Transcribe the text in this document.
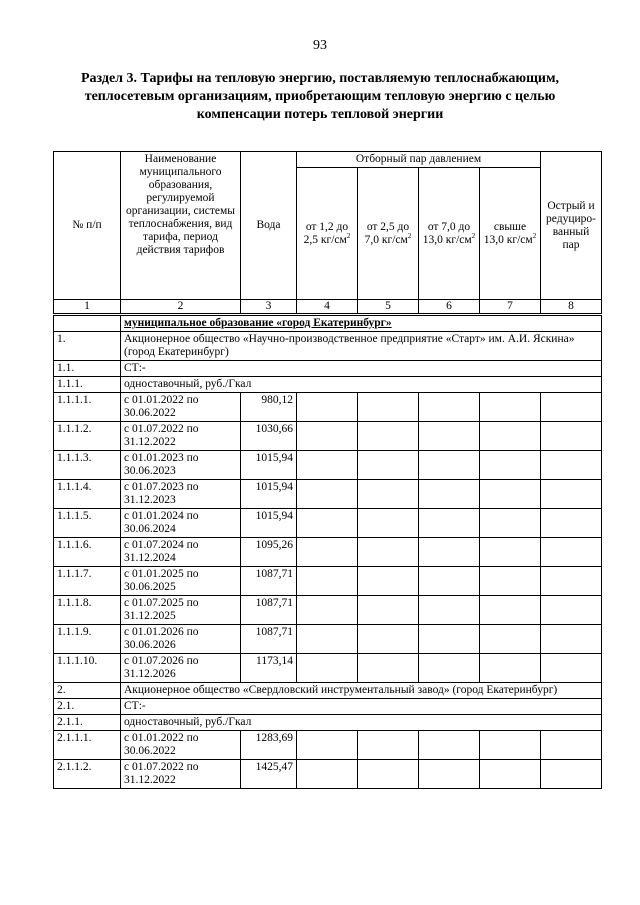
93
Раздел 3. Тарифы на тепловую энергию, поставляемую теплоснабжающим, теплосетевым организациям, приобретающим тепловую энергию с целью компенсации потерь тепловой энергии
№ п/п	Наименование муниципального образования, регулируемой организации, системы теплоснабжения, вид тарифа, период действия тарифов	Вода	Отборный пар давлением				Острый и редуциро-ванный пар
			от 1,2 до 2,5 $кг/см^2$	от 2,5 до 7,0 $кг/см^2$	от 7,0 до 13,0 $кг/см^2$	свыше 13,0 $кг/см^2$
1	2	3	4	5	6	7	8
	муниципальное образование «город Екатеринбург»						
1.	Акционерное общество «Научно-производственное предприятие «Старт» им. А.И. Яскина» (город Екатеринбург)						
1.1.	СТ:-						
1.1.1.	одноставочный, руб./Гкал						
1.1.1.1.	с 01.01.2022 по 30.06.2022	980,12					
1.1.1.2.	с 01.07.2022 по 31.12.2022	1030,66					
1.1.1.3.	с 01.01.2023 по 30.06.2023	1015,94					
1.1.1.4.	с 01.07.2023 по 31.12.2023	1015,94					
1.1.1.5.	с 01.01.2024 по 30.06.2024	1015,94					
1.1.1.6.	с 01.07.2024 по 31.12.2024	1095,26					
1.1.1.7.	с 01.01.2025 по 30.06.2025	1087,71					
1.1.1.8.	с 01.07.2025 по 31.12.2025	1087,71					
1.1.1.9.	с 01.01.2026 по 30.06.2026	1087,71					
1.1.1.10.	с 01.07.2026 по 31.12.2026	1173,14					
2.	Акционерное общество «Свердловский инструментальный завод» (город Екатеринбург)						
2.1.	СТ:-						
2.1.1.	одноставочный, руб./Гкал						
2.1.1.1.	с 01.01.2022 по 30.06.2022	1283,69					
2.1.1.2.	с 01.07.2022 по 31.12.2022	1425,47					
